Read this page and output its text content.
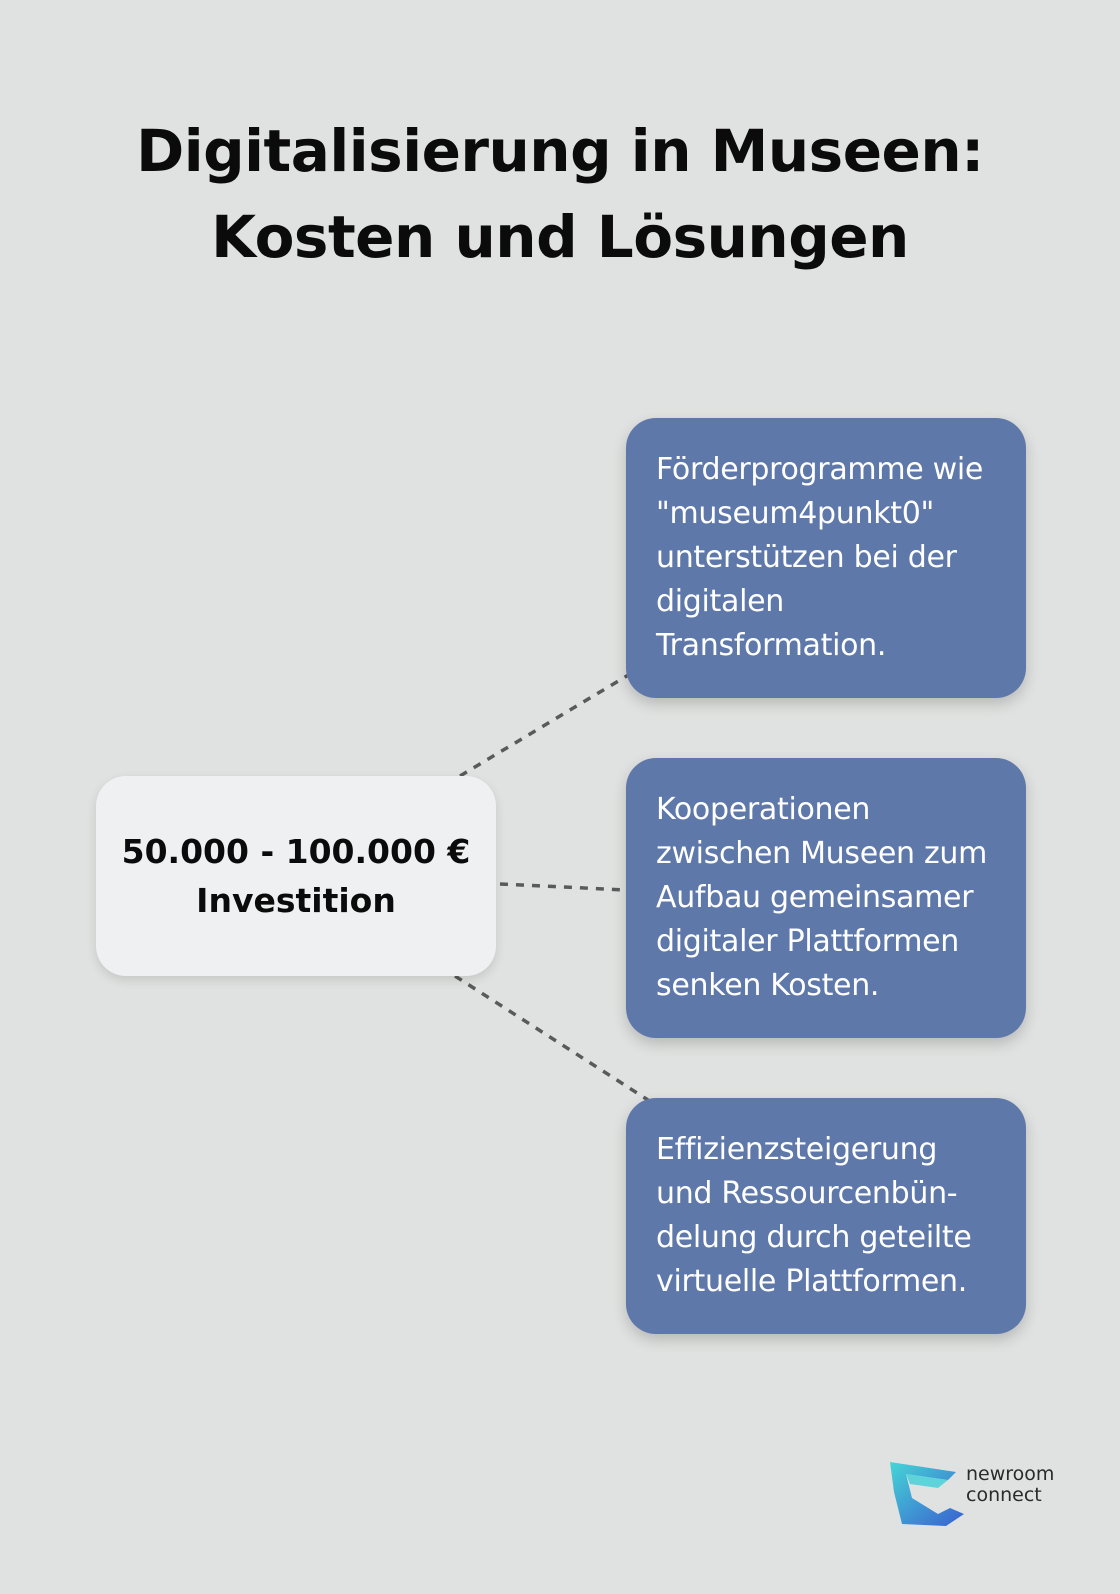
Digitalisierung in Museen:
Kosten und Lösungen
50.000 - 100.000 €
Investition
Förderprogramme wie
"museum4punkt0"
unterstützen bei der
digitalen
Transformation.
Kooperationen
zwischen Museen zum
Aufbau gemeinsamer
digitaler Plattformen
senken Kosten.
Effizienzsteigerung
und Ressourcenbün-
delung durch geteilte
virtuelle Plattformen.
newroom
connect
